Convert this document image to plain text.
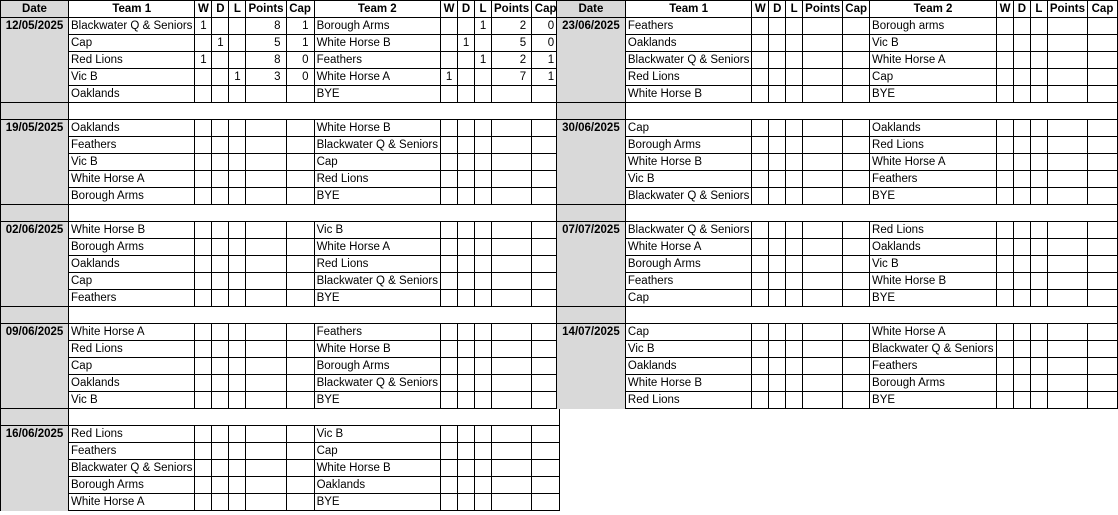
Date	Team 1	W	D	L	Points	Cap	Team 2	W	D	L	Points	Cap
12/05/2025	Blackwater Q & Seniors	1			8	1	Borough Arms			1	2	0
	Cap		1		5	1	White Horse B		1		5	0
	Red Lions	1			8	0	Feathers			1	2	1
	Vic B			1	3	0	White Horse A	1			7	1
	Oaklands						BYE					

19/05/2025	Oaklands						White Horse B					
	Feathers						Blackwater Q & Seniors					
	Vic B						Cap					
	White Horse A						Red Lions					
	Borough Arms						BYE					

02/06/2025	White Horse B						Vic B					
	Borough Arms						White Horse A					
	Oaklands						Red Lions					
	Cap						Blackwater Q & Seniors					
	Feathers						BYE					

09/06/2025	White Horse A						Feathers					
	Red Lions						White Horse B					
	Cap						Borough Arms					
	Oaklands						Blackwater Q & Seniors					
	Vic B						BYE					

16/06/2025	Red Lions						Vic B					
	Feathers						Cap					
	Blackwater Q & Seniors						White Horse B					
	Borough Arms						Oaklands					
	White Horse A						BYE					
Date	Team 1	W	D	L	Points	Cap	Team 2	W	D	L	Points	Cap
23/06/2025	Feathers						Borough arms					
	Oaklands						Vic B					
	Blackwater Q & Seniors						White Horse A					
	Red Lions						Cap					
	White Horse B						BYE					

30/06/2025	Cap						Oaklands					
	Borough Arms						Red Lions					
	White Horse B						White Horse A					
	Vic B						Feathers					
	Blackwater Q & Seniors						BYE					

07/07/2025	Blackwater Q & Seniors						Red Lions					
	White Horse A						Oaklands					
	Borough Arms						Vic B					
	Feathers						White Horse B					
	Cap						BYE					

14/07/2025	Cap						White Horse A					
	Vic B						Blackwater Q & Seniors					
	Oaklands						Feathers					
	White Horse B						Borough Arms					
	Red Lions						BYE					
